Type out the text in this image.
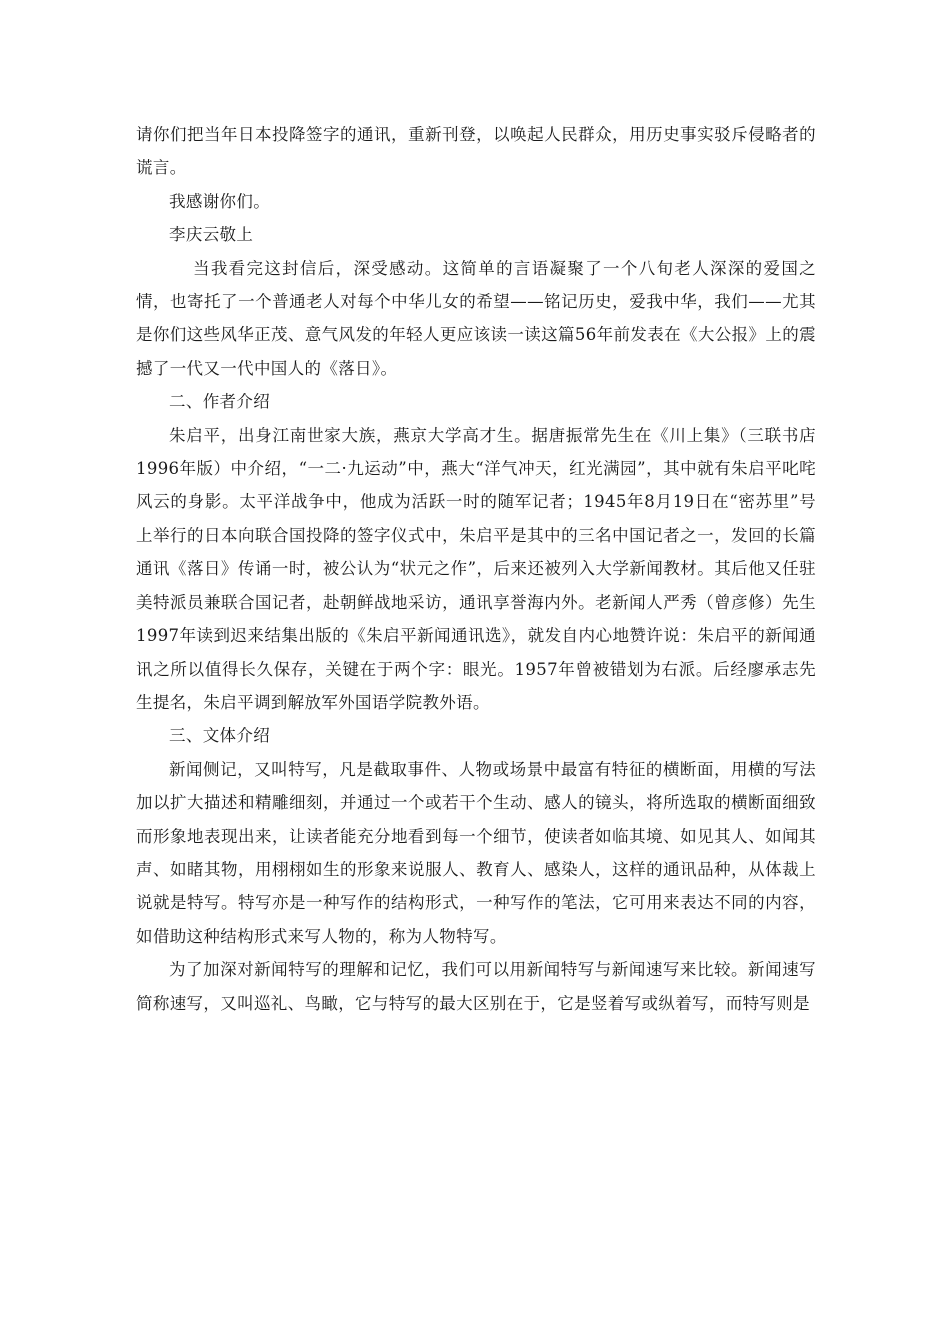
请你们把当年日本投降签字的通讯，重新刊登，以唤起人民群众，用历史事实驳斥侵略者的谎言。

我感谢你们。

李庆云敬上

当我看完这封信后，深受感动。这简单的言语凝聚了一个八旬老人深深的爱国之情，也寄托了一个普通老人对每个中华儿女的希望——铭记历史，爱我中华，我们——尤其是你们这些风华正茂、意气风发的年轻人更应该读一读这篇56年前发表在《大公报》上的震撼了一代又一代中国人的《落日》。

二、作者介绍

朱启平，出身江南世家大族，燕京大学高才生。据唐振常先生在《川上集》（三联书店1996年版）中介绍，“一二·九运动”中，燕大“洋气冲天，红光满园”，其中就有朱启平叱咤风云的身影。太平洋战争中，他成为活跃一时的随军记者；1945年8月19日在“密苏里”号上举行的日本向联合国投降的签字仪式中，朱启平是其中的三名中国记者之一，发回的长篇通讯《落日》传诵一时，被公认为“状元之作”，后来还被列入大学新闻教材。其后他又任驻美特派员兼联合国记者，赴朝鲜战地采访，通讯享誉海内外。老新闻人严秀（曾彦修）先生1997年读到迟来结集出版的《朱启平新闻通讯选》，就发自内心地赞许说：朱启平的新闻通讯之所以值得长久保存，关键在于两个字：眼光。1957年曾被错划为右派。后经廖承志先生提名，朱启平调到解放军外国语学院教外语。

三、文体介绍

新闻侧记，又叫特写，凡是截取事件、人物或场景中最富有特征的横断面，用横的写法加以扩大描述和精雕细刻，并通过一个或若干个生动、感人的镜头，将所选取的横断面细致而形象地表现出来，让读者能充分地看到每一个细节，使读者如临其境、如见其人、如闻其声、如睹其物，用栩栩如生的形象来说服人、教育人、感染人，这样的通讯品种，从体裁上说就是特写。特写亦是一种写作的结构形式，一种写作的笔法，它可用来表达不同的内容，如借助这种结构形式来写人物的，称为人物特写。

为了加深对新闻特写的理解和记忆，我们可以用新闻特写与新闻速写来比较。新闻速写简称速写，又叫巡礼、鸟瞰，它与特写的最大区别在于，它是竖着写或纵着写，而特写则是
